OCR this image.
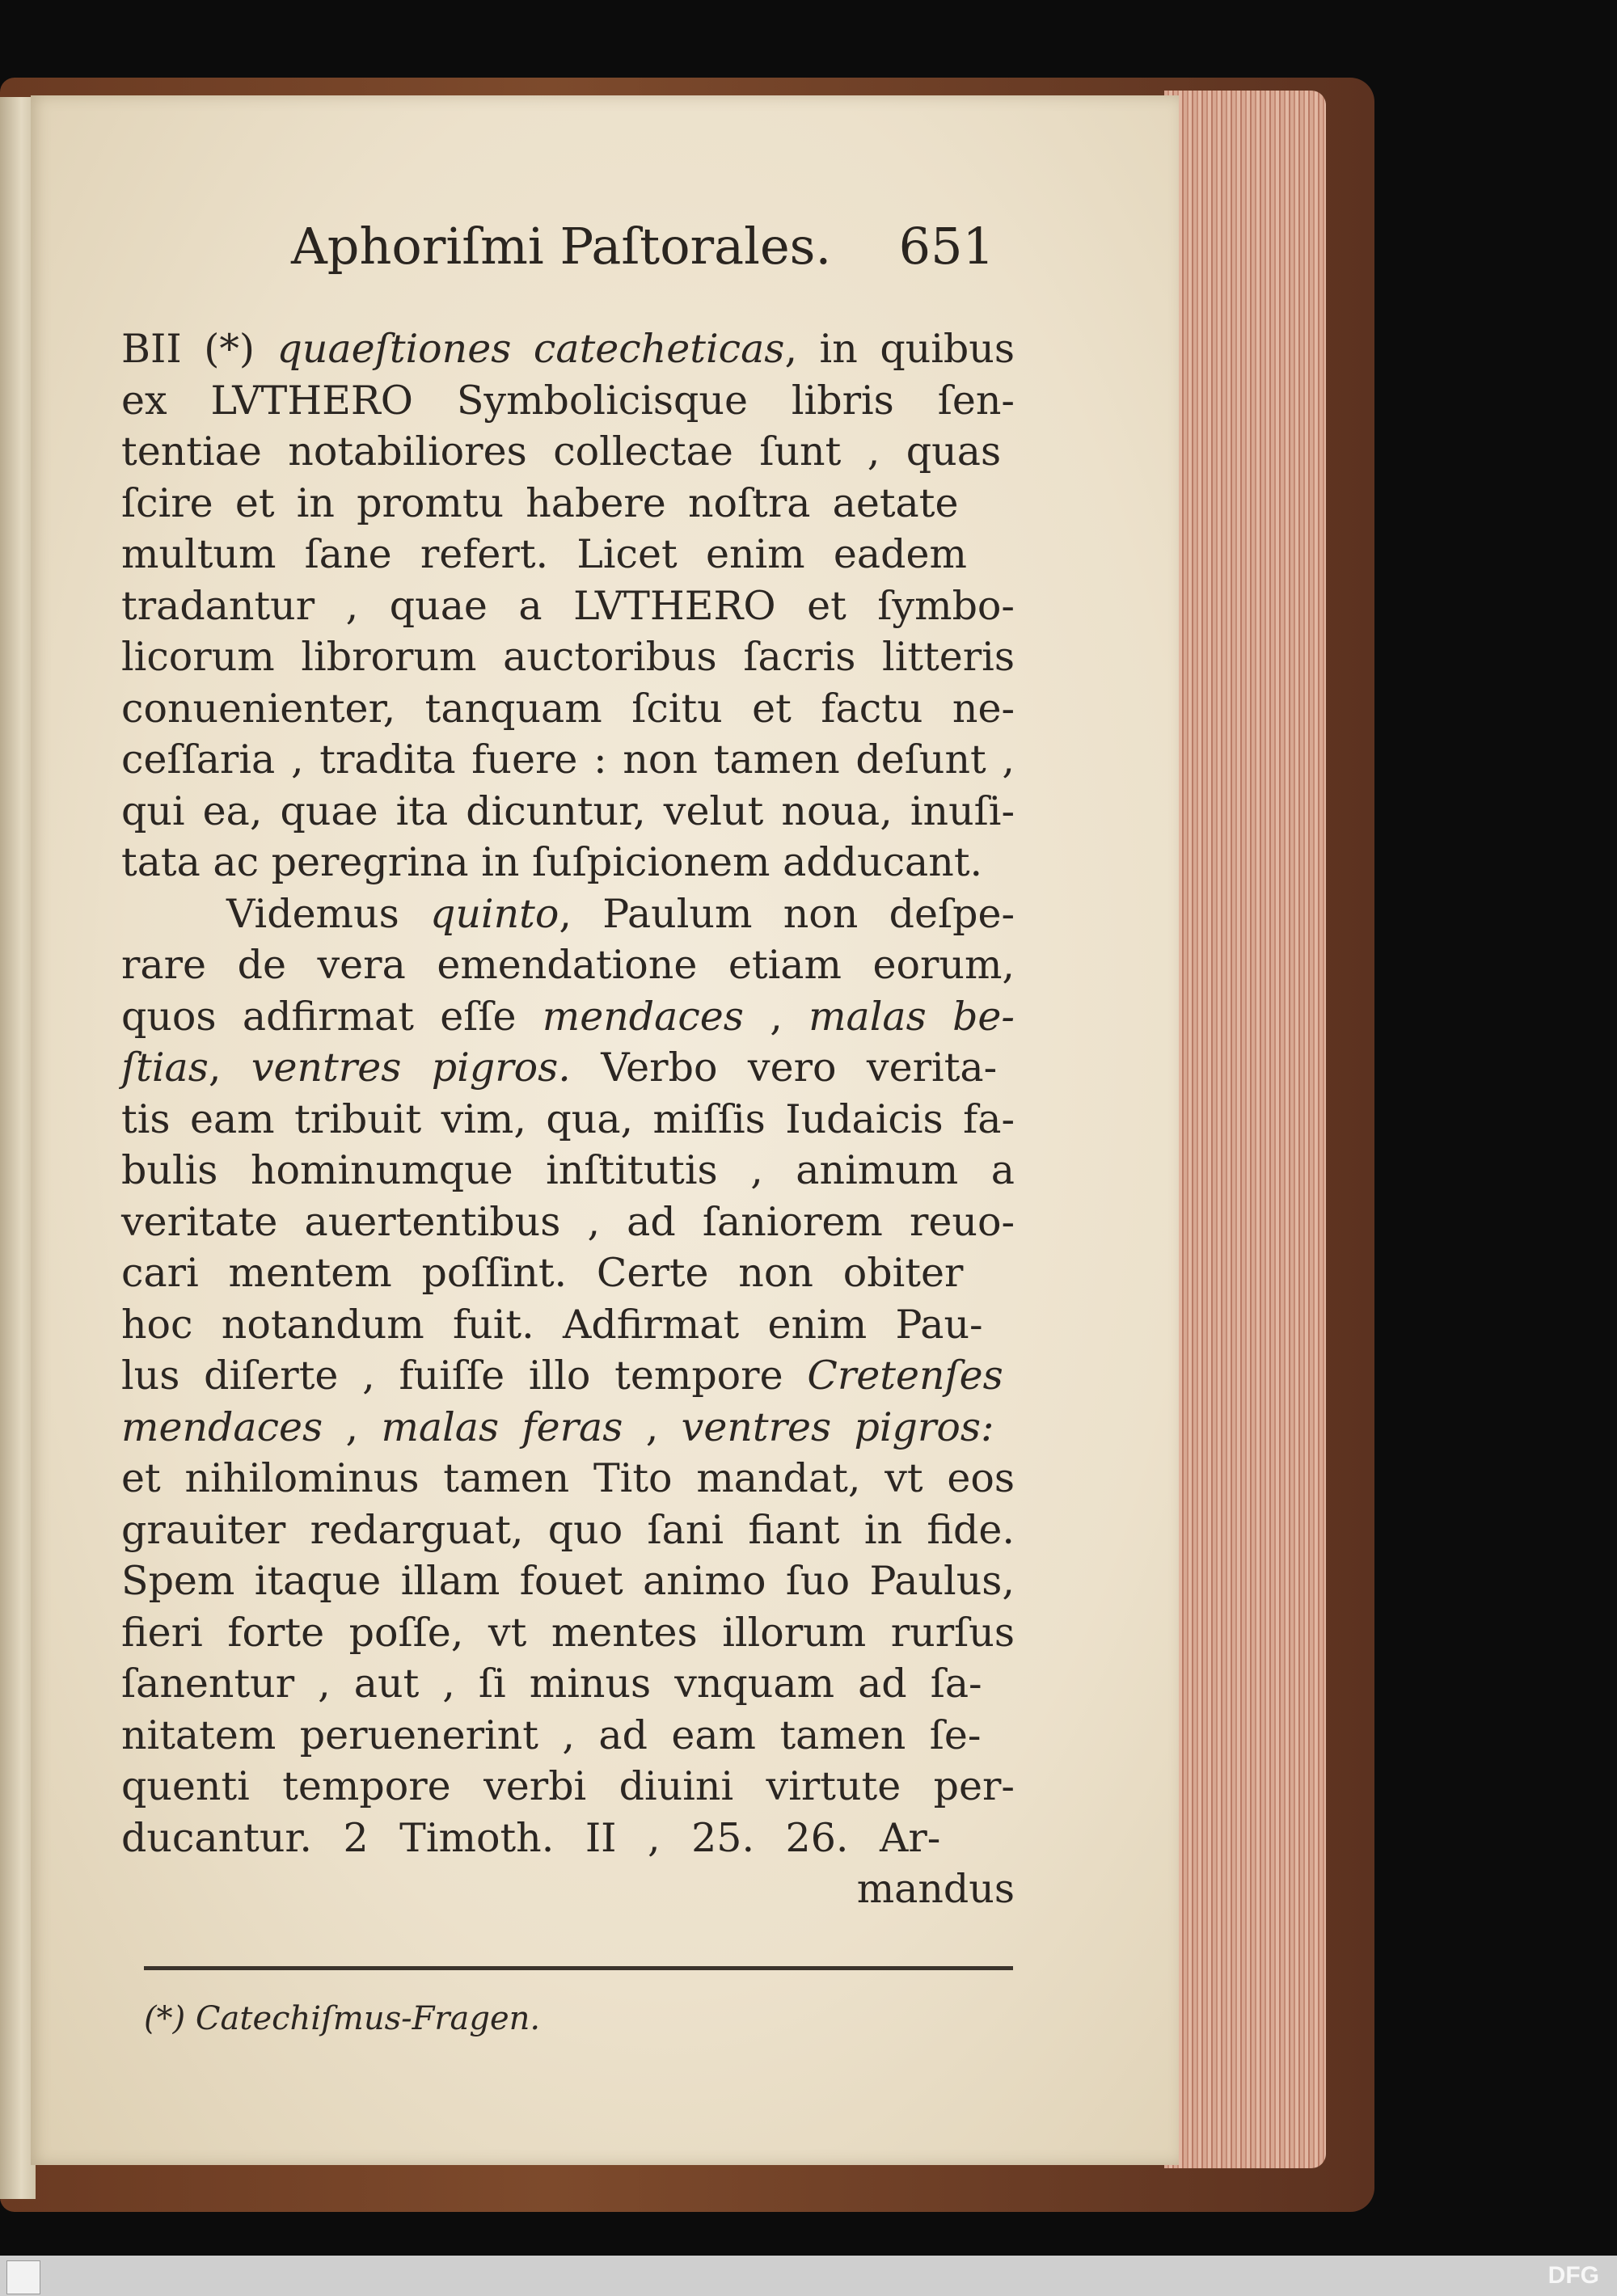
Aphoriſmi Paſtorales. 651
BII (*) quaeſtiones catecheticas, in quibus
ex LVTHERO Symbolicisque libris ſen-
tentiae notabiliores collectae ſunt , quas
ſcire et in promtu habere noſtra aetate
multum ſane refert. Licet enim eadem
tradantur , quae a LVTHERO et ſymbo-
licorum librorum auctoribus ſacris litteris
conuenienter, tanquam ſcitu et factu ne-
ceſſaria , tradita fuere : non tamen deſunt ,
qui ea, quae ita dicuntur, velut noua, inuſi-
tata ac peregrina in ſuſpicionem adducant.
Videmus quinto, Paulum non deſpe-
rare de vera emendatione etiam eorum,
quos adfirmat eſſe mendaces , malas be-
ſtias, ventres pigros. Verbo vero verita-
tis eam tribuit vim, qua, miſſis Iudaicis fa-
bulis hominumque inſtitutis , animum a
veritate auertentibus , ad ſaniorem reuo-
cari mentem poſſint. Certe non obiter
hoc notandum fuit. Adfirmat enim Pau-
lus diſerte , fuiſſe illo tempore Cretenſes
mendaces , malas feras , ventres pigros:
et nihilominus tamen Tito mandat, vt eos
grauiter redarguat, quo ſani fiant in fide.
Spem itaque illam fouet animo ſuo Paulus,
fieri forte poſſe, vt mentes illorum rurſus
ſanentur , aut , ſi minus vnquam ad ſa-
nitatem peruenerint , ad eam tamen ſe-
quenti tempore verbi diuini virtute per-
ducantur. 2 Timoth. II , 25. 26. Ar-
mandus
(*) Catechiſmus-Fragen.
DFG
